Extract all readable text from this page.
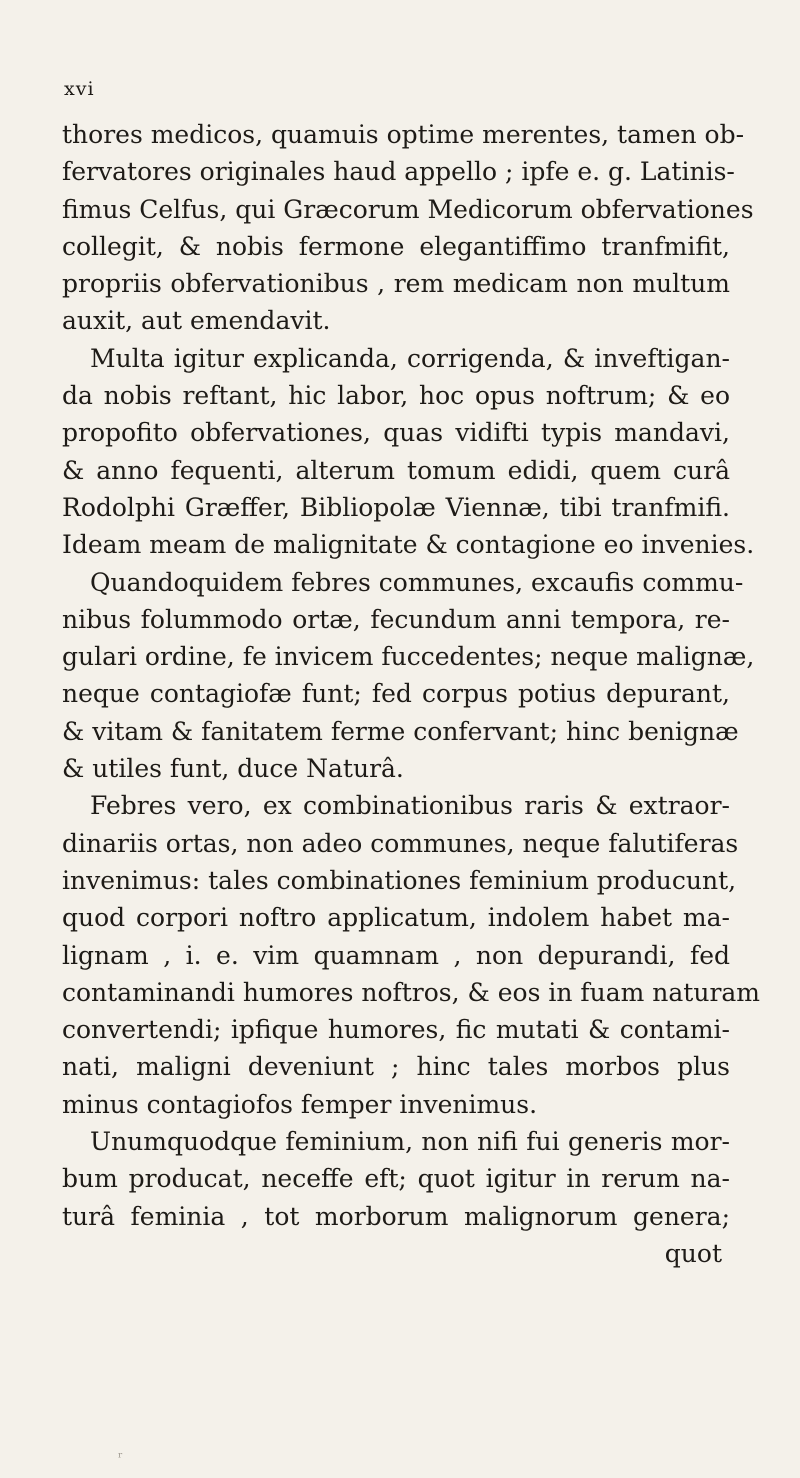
xvi
thores medicos, quamuis optime merentes, tamen ob-
fervatores originales haud appello ; ipfe e. g. Latinis-
fimus Celfus, qui Græcorum Medicorum obfervationes
collegit, & nobis fermone elegantiffimo tranfmifit,
propriis obfervationibus , rem medicam non multum
auxit, aut emendavit.
Multa igitur explicanda, corrigenda, & inveftigan-
da nobis reftant, hic labor, hoc opus noftrum; & eo
propofito obfervationes, quas vidifti typis mandavi,
& anno fequenti, alterum tomum edidi, quem curâ
Rodolphi Græffer, Bibliopolæ Viennæ, tibi tranfmifi.
Ideam meam de malignitate & contagione eo invenies.
Quandoquidem febres communes, excaufis commu-
nibus folummodo ortæ, fecundum anni tempora, re-
gulari ordine, fe invicem fuccedentes; neque malignæ,
neque contagiofæ funt; fed corpus potius depurant,
& vitam & fanitatem ferme confervant; hinc benignæ
& utiles funt, duce Naturâ.
Febres vero, ex combinationibus raris & extraor-
dinariis ortas, non adeo communes, neque falutiferas
invenimus: tales combinationes feminium producunt,
quod corpori noftro applicatum, indolem habet ma-
lignam , i. e. vim quamnam , non depurandi, fed
contaminandi humores noftros, & eos in fuam naturam
convertendi; ipfique humores, fic mutati & contami-
nati, maligni deveniunt ; hinc tales morbos plus
minus contagiofos femper invenimus.
Unumquodque feminium, non nifi fui generis mor-
bum producat, neceffe eft; quot igitur in rerum na-
turâ feminia , tot morborum malignorum genera;
quot
ʳ
